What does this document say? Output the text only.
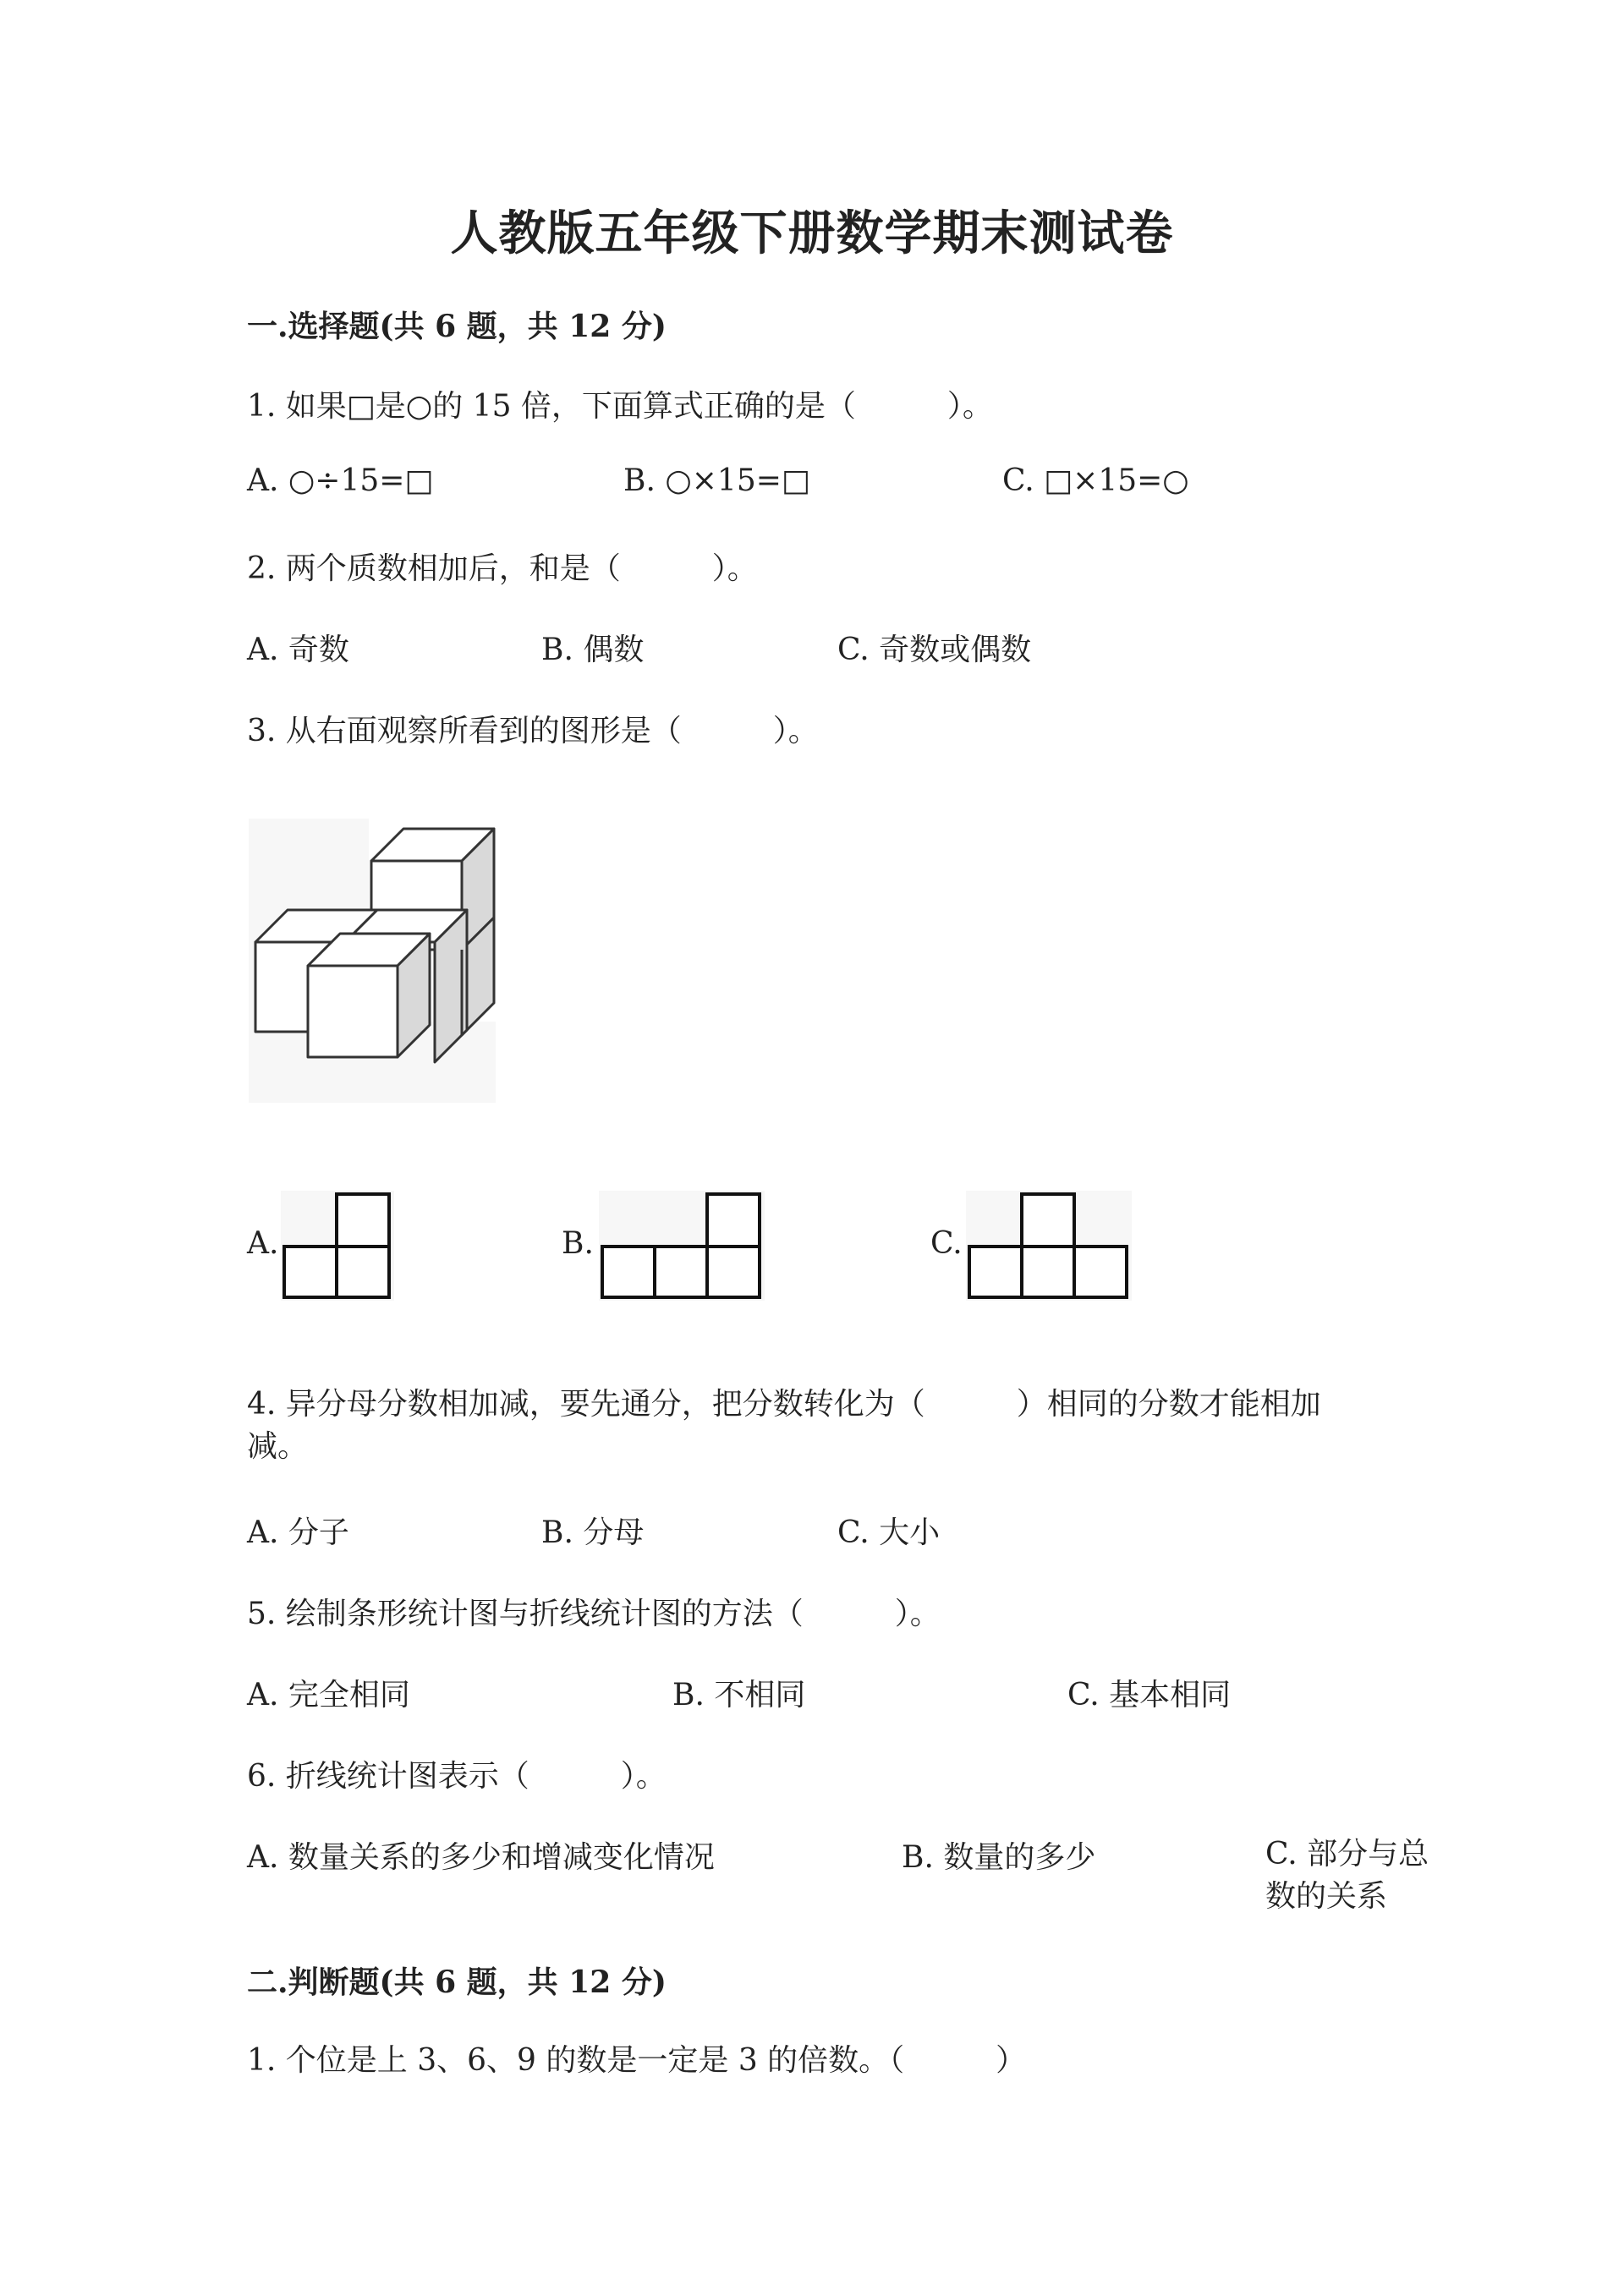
人教版五年级下册数学期末测试卷
一.选择题(共 6 题，共 12 分)

1. 如果□是○的 15 倍，下面算式正确的是（　　　）。

A. ○÷15=□	B. ○×15=□	C. □×15=○

2. 两个质数相加后，和是（　　　）。

A. 奇数	B. 偶数	C. 奇数或偶数

3. 从右面观察所看到的图形是（　　　）。

A.	B.	C.

4. 异分母分数相加减，要先通分，把分数转化为（　　　）相同的分数才能相加减。

A. 分子	B. 分母	C. 大小

5. 绘制条形统计图与折线统计图的方法（　　　）。

A. 完全相同	B. 不相同	C. 基本相同

6. 折线统计图表示（　　　）。

A. 数量关系的多少和增减变化情况	B. 数量的多少	C. 部分与总数的关系
二.判断题(共 6 题，共 12 分)

1. 个位是上 3、6、9 的数是一定是 3 的倍数。（　　　）
